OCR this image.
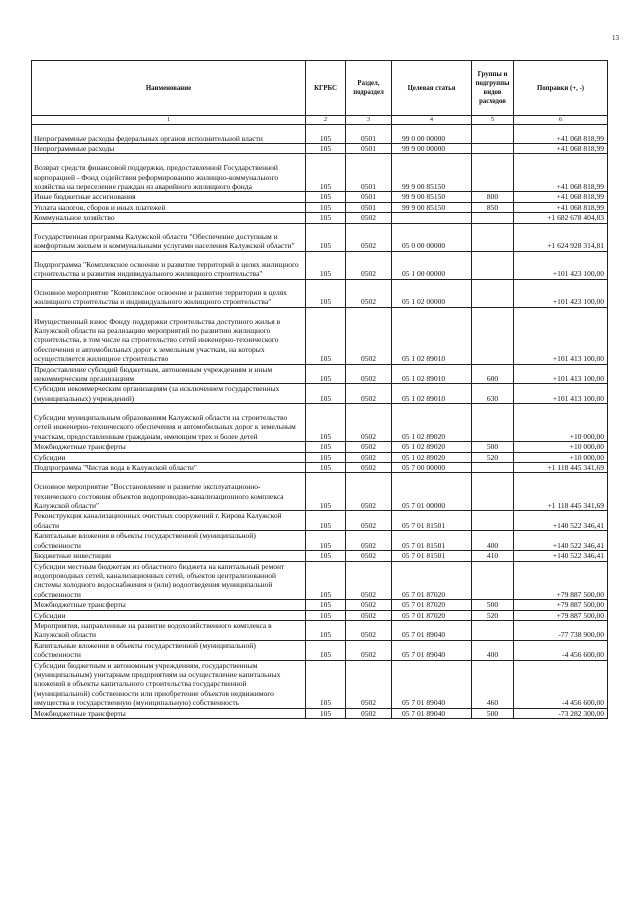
13
Наименование	КГРБС	Раздел, подраздел	Целевая статья	Группы и подгруппы видов расходов	Поправки (+, -)
1	2	3	4	5	6
Непрограммные расходы федеральных органов исполнительной власти	105	0501	99 0 00 00000		+41 068 818,99
Непрограммные расходы	105	0501	99 9 00 00000		+41 068 818,99
Возврат средств финансовой поддержки, предоставленной Государственной корпорацией - Фонд содействия реформированию жилищно-коммунального хозяйства на переселение граждан из аварийного жилищного фонда	105	0501	99 9 00 85150		+41 068 818,99
Иные бюджетные ассигнования	105	0501	99 9 00 85150	800	+41 068 818,99
Уплата налогов, сборов и иных платежей	105	0501	99 9 00 85150	850	+41 068 818,99
Коммунальное хозяйство	105	0502			+1 682 678 404,83
Государственная программа Калужской области "Обеспечение доступным и комфортным жильем и коммунальными услугами населения Калужской области"	105	0502	05 0 00 00000		+1 624 928 314,81
Подпрограмма "Комплексное освоение и развитие территорий в целях жилищного строительства и развития индивидуального жилищного строительства"	105	0502	05 1 00 00000		+101 423 100,00
Основное мероприятие "Комплексное освоение и развитие территории в целях жилищного строительства и индивидуального жилищного строительства"	105	0502	05 1 02 00000		+101 423 100,00
Имущественный взнос Фонду поддержки строительства доступного жилья в Калужской области на реализацию мероприятий по развитию жилищного строительства, в том числе на строительство сетей инженерно-технического обеспечения и автомобильных дорог к земельным участкам, на которых осуществляется жилищное строительство	105	0502	05 1 02 89010		+101 413 100,00
Предоставление субсидий бюджетным, автономным учреждениям и иным некоммерческим организациям	105	0502	05 1 02 89010	600	+101 413 100,00
Субсидии некоммерческим организациям (за исключением государственных (муниципальных) учреждений)	105	0502	05 1 02 89010	630	+101 413 100,00
Субсидии муниципальным образованиям Калужской области на строительство сетей инженерно-технического обеспечения и автомобильных дорог к земельным участкам, предоставленным гражданам, имеющим трех и более детей	105	0502	05 1 02 89020		+10 000,00
Межбюджетные трансферты	105	0502	05 1 02 89020	500	+10 000,00
Субсидии	105	0502	05 1 02 89020	520	+10 000,00
Подпрограмма "Чистая вода в Калужской области"	105	0502	05 7 00 00000		+1 118 445 341,69
Основное мероприятие "Восстановление и развитие эксплуатационно-технического состояния объектов водопроводно-канализационного комплекса Калужской области"	105	0502	05 7 01 00000		+1 118 445 341,69
Реконструкция канализационных очистных сооружений г. Кирова Калужской области	105	0502	05 7 01 81501		+140 522 346,41
Капитальные вложения в объекты государственной (муниципальной) собственности	105	0502	05 7 01 81501	400	+140 522 346,41
Бюджетные инвестиции	105	0502	05 7 01 81501	410	+140 522 346,41
Субсидии местным бюджетам из областного бюджета на капитальный ремонт водопроводных сетей, канализационных сетей, объектов централизованной системы холодного водоснабжения и (или) водоотведения муниципальной собственности	105	0502	05 7 01 87020		+79 887 500,00
Межбюджетные трансферты	105	0502	05 7 01 87020	500	+79 887 500,00
Субсидии	105	0502	05 7 01 87020	520	+79 887 500,00
Мероприятия, направленные на развитие водохозяйственного комплекса в Калужской области	105	0502	05 7 01 89040		-77 738 900,00
Капитальные вложения в объекты государственной (муниципальной) собственности	105	0502	05 7 01 89040	400	-4 456 600,00
Субсидии бюджетным и автономным учреждениям, государственным (муниципальным) унитарным предприятиям на осуществление капитальных вложений в объекты капитального строительства государственной (муниципальной) собственности или приобретение объектов недвижимого имущества в государственную (муниципальную) собственность	105	0502	05 7 01 89040	460	-4 456 600,00
Межбюджетные трансферты	105	0502	05 7 01 89040	500	-73 282 300,00
